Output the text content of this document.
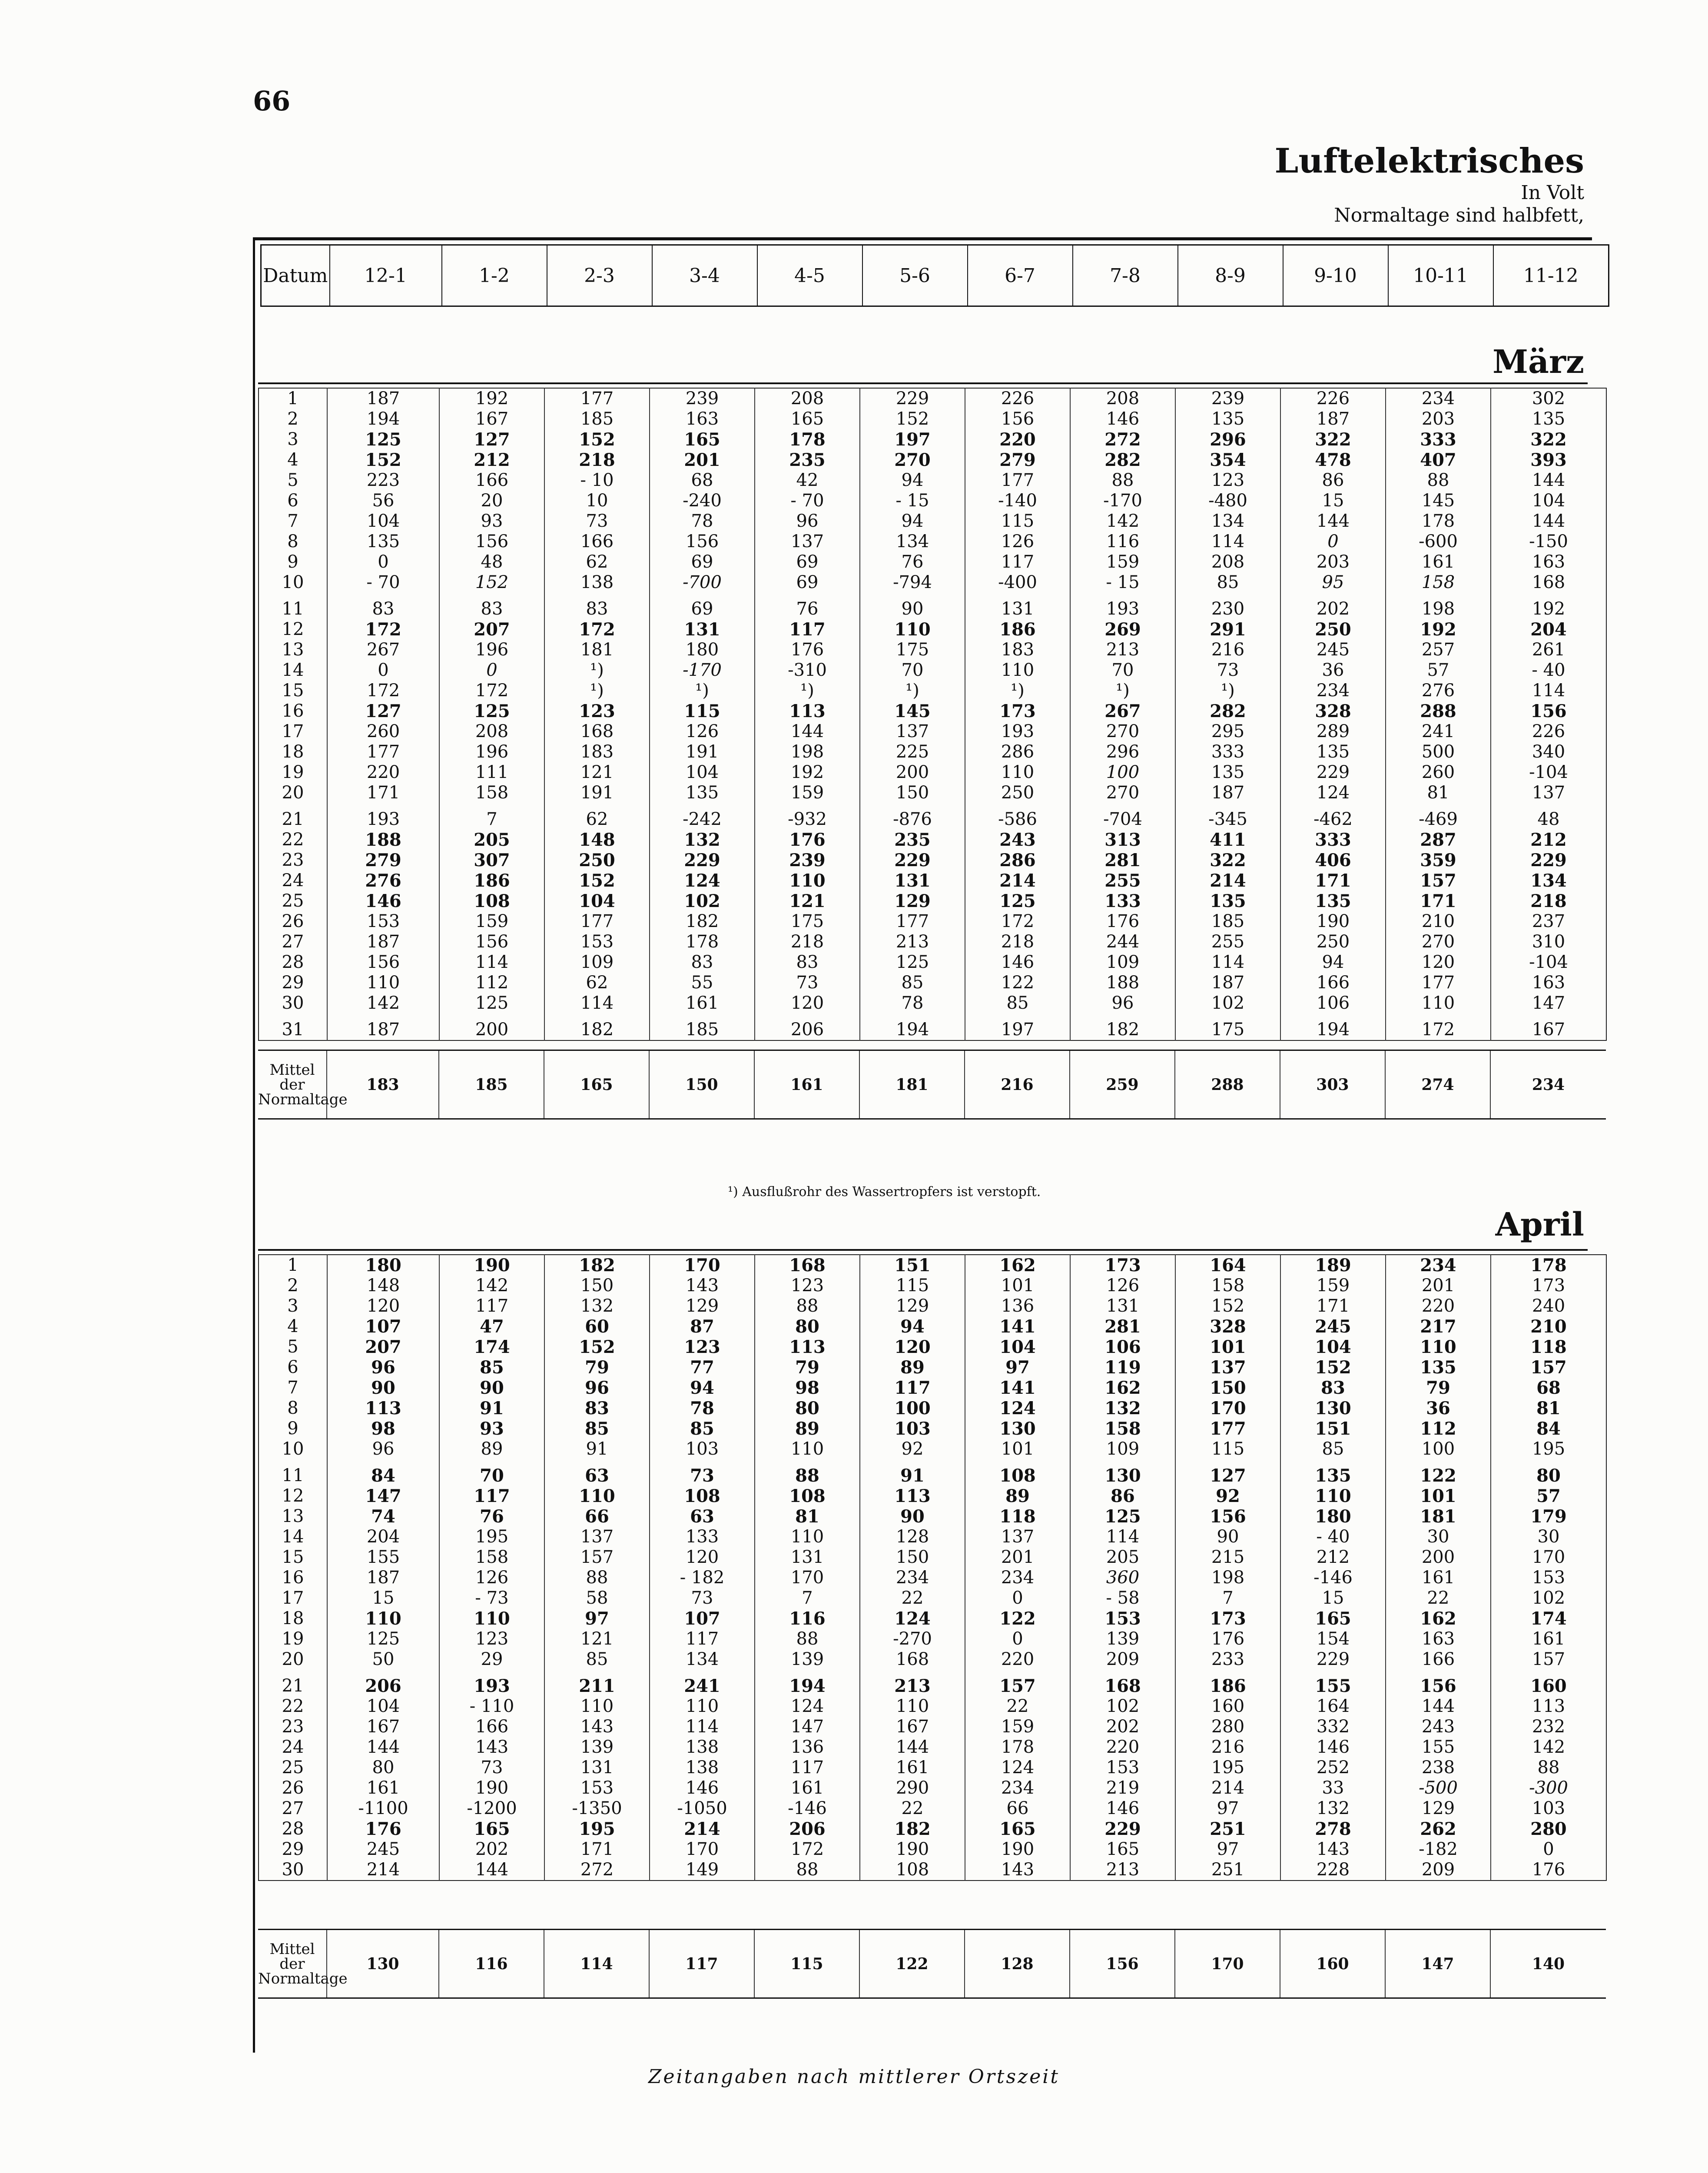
66
Luftelektrisches
In Volt
Normaltage sind halbfett,
Datum	12-1	1-2	2-3	3-4	4-5	5-6	6-7	7-8	8-9	9-10	10-11	11-12
März
1	187	192	177	239	208	229	226	208	239	226	234	302
2	194	167	185	163	165	152	156	146	135	187	203	135
3	125	127	152	165	178	197	220	272	296	322	333	322
4	152	212	218	201	235	270	279	282	354	478	407	393
5	223	166	- 10	68	42	94	177	88	123	86	88	144
6	56	20	10	-240	- 70	- 15	-140	-170	-480	15	145	104
7	104	93	73	78	96	94	115	142	134	144	178	144
8	135	156	166	156	137	134	126	116	114	0	-600	-150
9	0	48	62	69	69	76	117	159	208	203	161	163
10	- 70	152	138	-700	69	-794	-400	- 15	85	95	158	168

11	83	83	83	69	76	90	131	193	230	202	198	192
12	172	207	172	131	117	110	186	269	291	250	192	204
13	267	196	181	180	176	175	183	213	216	245	257	261
14	0	0	¹)	-170	-310	70	110	70	73	36	57	- 40
15	172	172	¹)	¹)	¹)	¹)	¹)	¹)	¹)	234	276	114
16	127	125	123	115	113	145	173	267	282	328	288	156
17	260	208	168	126	144	137	193	270	295	289	241	226
18	177	196	183	191	198	225	286	296	333	135	500	340
19	220	111	121	104	192	200	110	100	135	229	260	-104
20	171	158	191	135	159	150	250	270	187	124	81	137

21	193	7	62	-242	-932	-876	-586	-704	-345	-462	-469	48
22	188	205	148	132	176	235	243	313	411	333	287	212
23	279	307	250	229	239	229	286	281	322	406	359	229
24	276	186	152	124	110	131	214	255	214	171	157	134
25	146	108	104	102	121	129	125	133	135	135	171	218
26	153	159	177	182	175	177	172	176	185	190	210	237
27	187	156	153	178	218	213	218	244	255	250	270	310
28	156	114	109	83	83	125	146	109	114	94	120	-104
29	110	112	62	55	73	85	122	188	187	166	177	163
30	142	125	114	161	120	78	85	96	102	106	110	147

31	187	200	182	185	206	194	197	182	175	194	172	167
Mittel der Normaltage	183	185	165	150	161	181	216	259	288	303	274	234
¹) Ausflußrohr des Wassertropfers ist verstopft.
April
1	180	190	182	170	168	151	162	173	164	189	234	178
2	148	142	150	143	123	115	101	126	158	159	201	173
3	120	117	132	129	88	129	136	131	152	171	220	240
4	107	47	60	87	80	94	141	281	328	245	217	210
5	207	174	152	123	113	120	104	106	101	104	110	118
6	96	85	79	77	79	89	97	119	137	152	135	157
7	90	90	96	94	98	117	141	162	150	83	79	68
8	113	91	83	78	80	100	124	132	170	130	36	81
9	98	93	85	85	89	103	130	158	177	151	112	84
10	96	89	91	103	110	92	101	109	115	85	100	195

11	84	70	63	73	88	91	108	130	127	135	122	80
12	147	117	110	108	108	113	89	86	92	110	101	57
13	74	76	66	63	81	90	118	125	156	180	181	179
14	204	195	137	133	110	128	137	114	90	- 40	30	30
15	155	158	157	120	131	150	201	205	215	212	200	170
16	187	126	88	- 182	170	234	234	360	198	-146	161	153
17	15	- 73	58	73	7	22	0	- 58	7	15	22	102
18	110	110	97	107	116	124	122	153	173	165	162	174
19	125	123	121	117	88	-270	0	139	176	154	163	161
20	50	29	85	134	139	168	220	209	233	229	166	157

21	206	193	211	241	194	213	157	168	186	155	156	160
22	104	- 110	110	110	124	110	22	102	160	164	144	113
23	167	166	143	114	147	167	159	202	280	332	243	232
24	144	143	139	138	136	144	178	220	216	146	155	142
25	80	73	131	138	117	161	124	153	195	252	238	88
26	161	190	153	146	161	290	234	219	214	33	-500	-300
27	-1100	-1200	-1350	-1050	-146	22	66	146	97	132	129	103
28	176	165	195	214	206	182	165	229	251	278	262	280
29	245	202	171	170	172	190	190	165	97	143	-182	0
30	214	144	272	149	88	108	143	213	251	228	209	176
Mittel der Normaltage	130	116	114	117	115	122	128	156	170	160	147	140
Zeitangaben nach mittlerer Ortszeit
